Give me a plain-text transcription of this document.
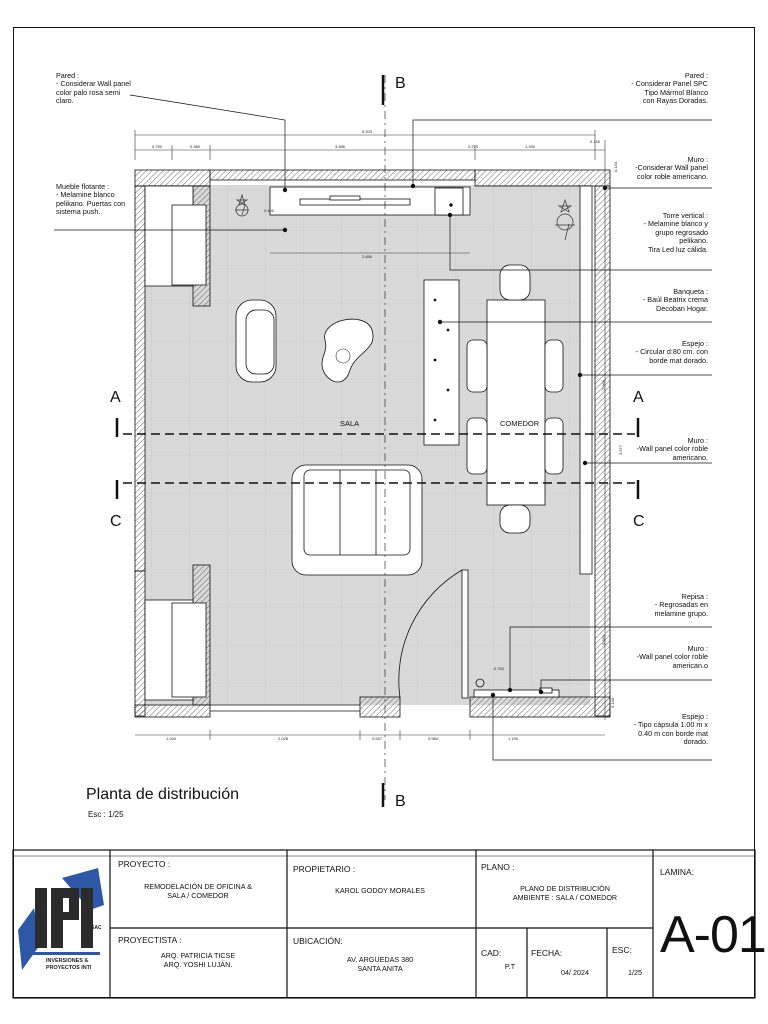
5.203
0.790	0.380	3.486	0.273	1.330
0.140
2.656
0.400
1.040	2.028	0.537	0.984	1.190
0.140
2.960
3.977
0.850
0.140
0.760
B
B
A	A
C	C
SALA	COMEDOR
Pared :
- Considerar Wall panel
color palo rosa semi
claro.
Mueble flotante :
- Melamine blanco
pelikano. Puertas con
sistema push.
Pared :
- Considerar Panel SPC
Tipo Mármol Blanco
con Rayas Doradas.
Muro :
-Considerar Wall panel
color roble americano.
Torre vertical :
- Melamine blanco y
grupo regrosado
pelikano.
Tira Led luz cálida.
Banqueta :
- Baúl Beatrix crema
Decoban Hogar.
Espejo :
- Circular d:80 cm. con
borde mat dorado.
Muro :
-Wall panel color roble
americano.
Repisa :
- Regrosadas en
melamine grupo.
Muro :
-Wall panel color roble
american.o
Espejo :
- Tipo cápsula 1.00 m x
0.40 m con borde mat
dorado.
Planta de distribución
Esc : 1/25
PROYECTO :
REMODELACIÓN DE OFICINA &
SALA / COMEDOR
PROPIETARIO :
KAROL GODOY MORALES
PLANO :
PLANO DE DISTRIBUCIÓN
AMBIENTE : SALA / COMEDOR
LAMINA:
A-01
PROYECTISTA :
ARQ. PATRICIA TICSE
ARQ. YOSHI LUJÁN.
UBICACIÓN:
AV. ARGUEDAS 380
SANTA ANITA
CAD:
P.T
FECHA:
04/ 2024
ESC:
1/25
SAC
INVERSIONES &
PROYECTOS INTI
